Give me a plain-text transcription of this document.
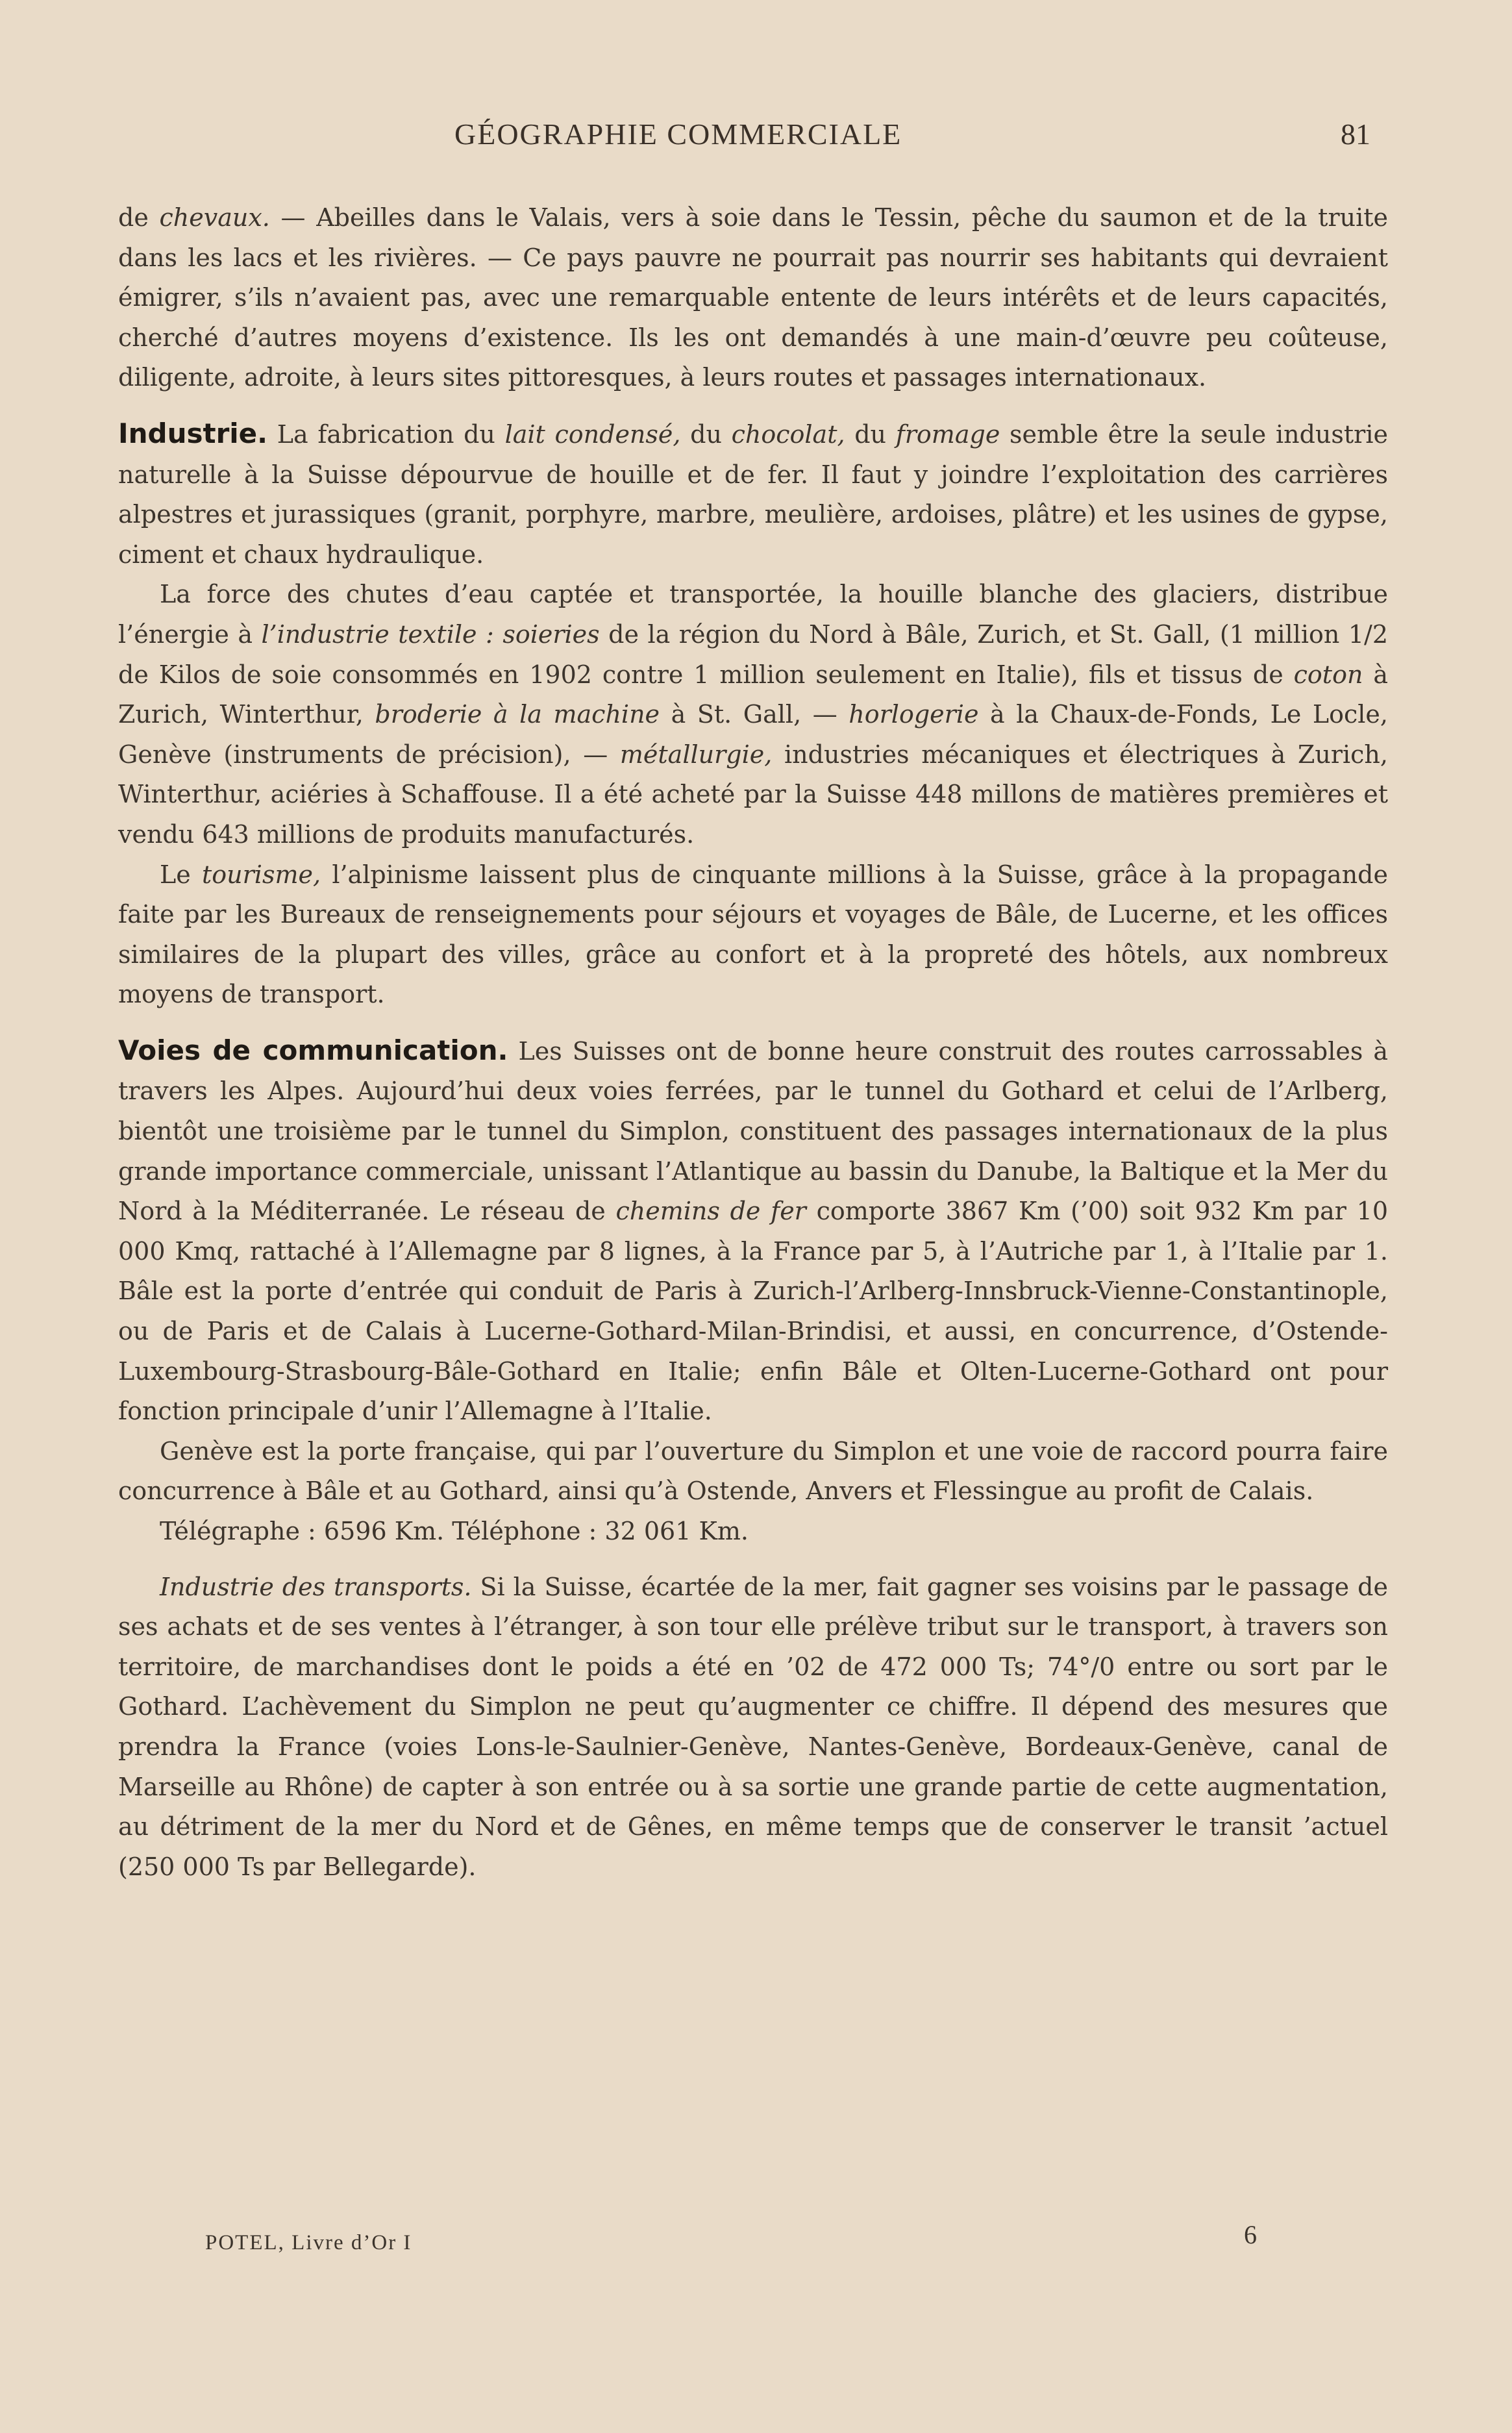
GÉOGRAPHIE COMMERCIALE	81

de chevaux. — Abeilles dans le Valais, vers à soie dans le Tessin, pêche du saumon et de la truite dans les lacs et les rivières. — Ce pays pauvre ne pourrait pas nourrir ses habitants qui devraient émigrer, s’ils n’avaient pas, avec une remarquable entente de leurs intérêts et de leurs capacités, cherché d’autres moyens d’existence. Ils les ont demandés à une main-d’œuvre peu coûteuse, diligente, adroite, à leurs sites pittoresques, à leurs routes et passages internationaux.

Industrie. La fabrication du lait condensé, du chocolat, du fromage semble être la seule industrie naturelle à la Suisse dépourvue de houille et de fer. Il faut y joindre l’exploitation des carrières alpestres et jurassiques (granit, porphyre, marbre, meulière, ardoises, plâtre) et les usines de gypse, ciment et chaux hydraulique.

La force des chutes d’eau captée et transportée, la houille blanche des glaciers, distribue l’énergie à l’industrie textile : soieries de la région du Nord à Bâle, Zurich, et St. Gall, (1 million 1/2 de Kilos de soie consommés en 1902 contre 1 million seulement en Italie), fils et tissus de coton à Zurich, Winterthur, broderie à la machine à St. Gall, — horlogerie à la Chaux-de-Fonds, Le Locle, Genève (instruments de précision), — métallurgie, industries mécaniques et électriques à Zurich, Winterthur, aciéries à Schaffouse. Il a été acheté par la Suisse 448 millons de matières premières et vendu 643 millions de produits manufacturés.

Le tourisme, l’alpinisme laissent plus de cinquante millions à la Suisse, grâce à la propagande faite par les Bureaux de renseignements pour séjours et voyages de Bâle, de Lucerne, et les offices similaires de la plupart des villes, grâce au confort et à la propreté des hôtels, aux nombreux moyens de transport.

Voies de communication. Les Suisses ont de bonne heure construit des routes carrossables à travers les Alpes. Aujourd’hui deux voies ferrées, par le tunnel du Gothard et celui de l’Arlberg, bientôt une troisième par le tunnel du Simplon, constituent des passages internationaux de la plus grande importance commerciale, unissant l’Atlantique au bassin du Danube, la Baltique et la Mer du Nord à la Méditerranée. Le réseau de chemins de fer comporte 3867 Km (’00) soit 932 Km par 10 000 Kmq, rattaché à l’Allemagne par 8 lignes, à la France par 5, à l’Autriche par 1, à l’Italie par 1. Bâle est la porte d’entrée qui conduit de Paris à Zurich-l’Arlberg-Innsbruck-Vienne-Constantinople, ou de Paris et de Calais à Lucerne-Gothard-Milan-Brindisi, et aussi, en concurrence, d’Ostende-Luxembourg-Strasbourg-Bâle-Gothard en Italie; enfin Bâle et Olten-Lucerne-Gothard ont pour fonction principale d’unir l’Allemagne à l’Italie.

Genève est la porte française, qui par l’ouverture du Simplon et une voie de raccord pourra faire concurrence à Bâle et au Gothard, ainsi qu’à Ostende, Anvers et Flessingue au profit de Calais.

Télégraphe : 6596 Km. Téléphone : 32 061 Km.

Industrie des transports. Si la Suisse, écartée de la mer, fait gagner ses voisins par le passage de ses achats et de ses ventes à l’étranger, à son tour elle prélève tribut sur le transport, à travers son territoire, de marchandises dont le poids a été en ’02 de 472 000 Ts; 74°/0 entre ou sort par le Gothard. L’achèvement du Simplon ne peut qu’augmenter ce chiffre. Il dépend des mesures que prendra la France (voies Lons-le-Saulnier-Genève, Nantes-Genève, Bordeaux-Genève, canal de Marseille au Rhône) de capter à son entrée ou à sa sortie une grande partie de cette augmentation, au détriment de la mer du Nord et de Gênes, en même temps que de conserver le transit ’actuel (250 000 Ts par Bellegarde).

POTEL, Livre d’Or I	6
